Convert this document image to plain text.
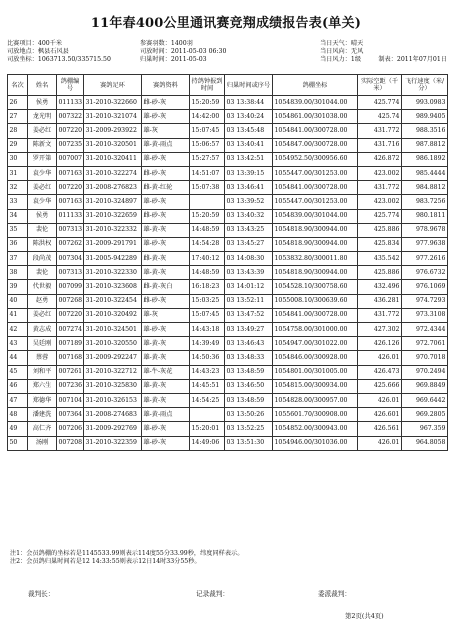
11年春400公里通讯赛竞翔成绩报告表(单关)
比赛项目：400千米	参赛羽数：1400羽	当日天气：晴天
司放地点：枫县石风县	司放时间：2011-05-03 06:30	当日风向：无风
司放坐标：1063713.50/335715.50	归巢时间：2011-05-03	当日风力：1级	制表：2011年07月01日
名次	姓名	鸽棚编号	赛鸽足环	赛鸽资料	持鸽钟报到时间	归巢时间或序号	鸽棚坐标	实际空距（千米）	飞行速度（米/分）
26	侯勇	011133	31-2010-322660	雌-砂-灰	15:20:59	03 13:38:44	1054839.00/301044.00	425.774	993.0983
27	龙光明	007322	31-2010-321074	雄-砂-灰	14:42:00	03 13:40:24	1054861.00/301038.00	425.74	989.9405
28	姜必红	007220	31-2009-293922	雄-灰	15:07:45	03 13:45:48	1054841.00/300728.00	431.772	988.3516
29	陈新文	007235	31-2010-320501	雄-黄-雨点	15:06:57	03 13:40:41	1054847.00/300728.00	431.716	987.8812
30	罗开第	007007	31-2010-320411	雄-砂-灰	15:27:57	03 13:42:51	1054952.50/300956.60	426.872	986.1892
31	袁少华	007163	31-2010-322274	雌-砂-灰	14:51:07	03 13:39:15	1055447.00/301253.00	423.002	985.4444
32	姜必红	007220	31-2008-276823	雌-黄-红轮	15:07:38	03 13:46:41	1054841.00/300728.00	431.772	984.8812
33	袁少华	007163	31-2010-324897	雄-砂-灰		03 13:39:52	1055447.00/301253.00	423.002	983.7256
34	侯勇	011133	31-2010-322659	雌-砂-灰	15:20:59	03 13:40:32	1054839.00/301044.00	425.774	980.1811
35	裴伦	007313	31-2010-322332	雄-黄-灰	14:48:59	03 13:43:25	1054818.90/300944.00	425.886	978.9678
36	陈洪权	007262	31-2009-291791	雄-砂-灰	14:54:28	03 13:45:27	1054818.90/300944.00	425.834	977.9638
37	段尚茂	007304	31-2005-942289	雌-黄-灰	17:40:12	03 14:08:30	1053832.80/300011.80	435.542	977.2616
38	裴伦	007313	31-2010-322330	雄-黄-灰	14:48:59	03 13:43:39	1054818.90/300944.00	425.886	976.6732
39	代世毅	007099	31-2010-323608	雌-黄-灰白	16:18:23	03 14:01:12	1054528.10/300758.60	432.496	976.1069
40	赵勇	007268	31-2010-322454	雌-砂-灰	15:03:25	03 13:52:11	1055008.10/300639.60	436.281	974.7293
41	姜必红	007220	31-2010-320492	雄-灰	15:07:45	03 13:47:52	1054841.00/300728.00	431.772	973.3108
42	黄志成	007274	31-2010-324501	雄-砂-灰	14:43:18	03 13:49:27	1054758.00/301000.00	427.302	972.4344
43	吴廷刚	007189	31-2010-320550	雄-黄-灰	14:39:49	03 13:46:43	1054947.00/301022.00	426.126	972.7061
44	蔡蓉	007168	31-2009-292247	雄-黄-灰	14:50:36	03 13:48:33	1054846.00/300928.00	426.01	970.7018
45	刘和平	007261	31-2010-322712	雄-牛-灰花	14:43:23	03 13:48:59	1054801.00/301005.00	426.473	970.2494
46	郑六生	007236	31-2010-325830	雄-黄-灰	14:45:51	03 13:46:50	1054815.00/300934.00	425.666	969.8849
47	郑德华	007104	31-2010-326153	雄-黄-灰	14:54:25	03 13:48:59	1054828.00/300957.00	426.01	969.6442
48	潘建洗	007364	31-2008-274683	雄-黄-雨点		03 13:50:26	1055601.70/300908.00	426.601	969.2805
49	高仁齐	007206	31-2009-292769	雄-砂-灰	15:20:01	03 13:52:25	1054852.00/300943.00	426.561	967.359
50	汤刚	007208	31-2010-322359	雄-砂-灰	14:49:06	03 13:51:30	1054946.00/301036.00	426.01	964.8058
注1：会员鸽棚的坐标若是1145533.99则表示114度55分33.99秒，纬度同样表示。
注2：会员鸽归巢时间若是12 14:33:55则表示12日14时33分55秒。
裁判长：	记录裁判：	委派裁判：
第2页(共4页)
